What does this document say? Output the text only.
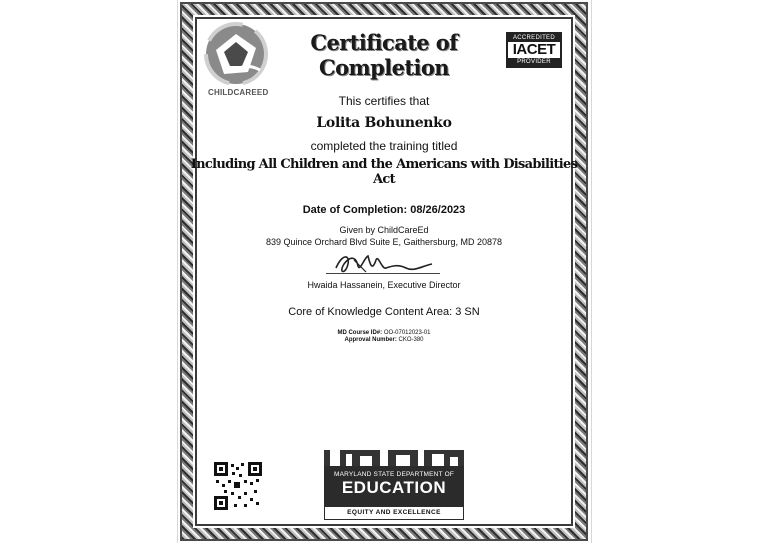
CHILDCAREED
Certificate of Completion
ACCREDITED
IACET
PROVIDER
This certifies that
Lolita Bohunenko
completed the training titled
Including All Children and the Americans with Disabilities Act
Date of Completion: 08/26/2023
Given by ChildCareEd
839 Quince Orchard Blvd Suite E, Gaithersburg, MD 20878
Hwaida Hassanein, Executive Director
Core of Knowledge Content Area: 3 SN
MD Course ID#: OO-07012023-01
Approval Number: CKO-380
MARYLAND STATE DEPARTMENT OF
EDUCATION
EQUITY AND EXCELLENCE
